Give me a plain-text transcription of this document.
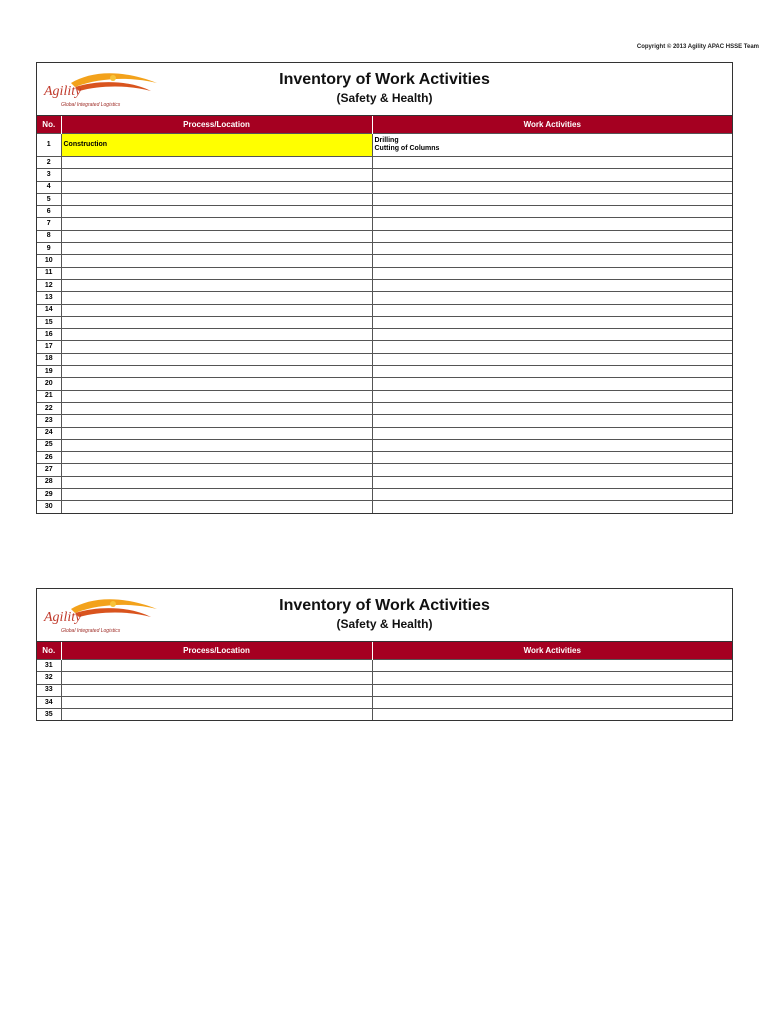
Copyright © 2013 Agility APAC HSSE Team
Agility
Global Integrated Logistics
Inventory of Work Activities
(Safety & Health)
No.	Process/Location	Work Activities
1	Construction	Drilling
Cutting of Columns
2		
3		
4		
5		
6		
7		
8		
9		
10		
11		
12		
13		
14		
15		
16		
17		
18		
19		
20		
21		
22		
23		
24		
25		
26		
27		
28		
29		
30		
Agility
Global Integrated Logistics
Inventory of Work Activities
(Safety & Health)
No.	Process/Location	Work Activities
31		
32		
33		
34		
35		
